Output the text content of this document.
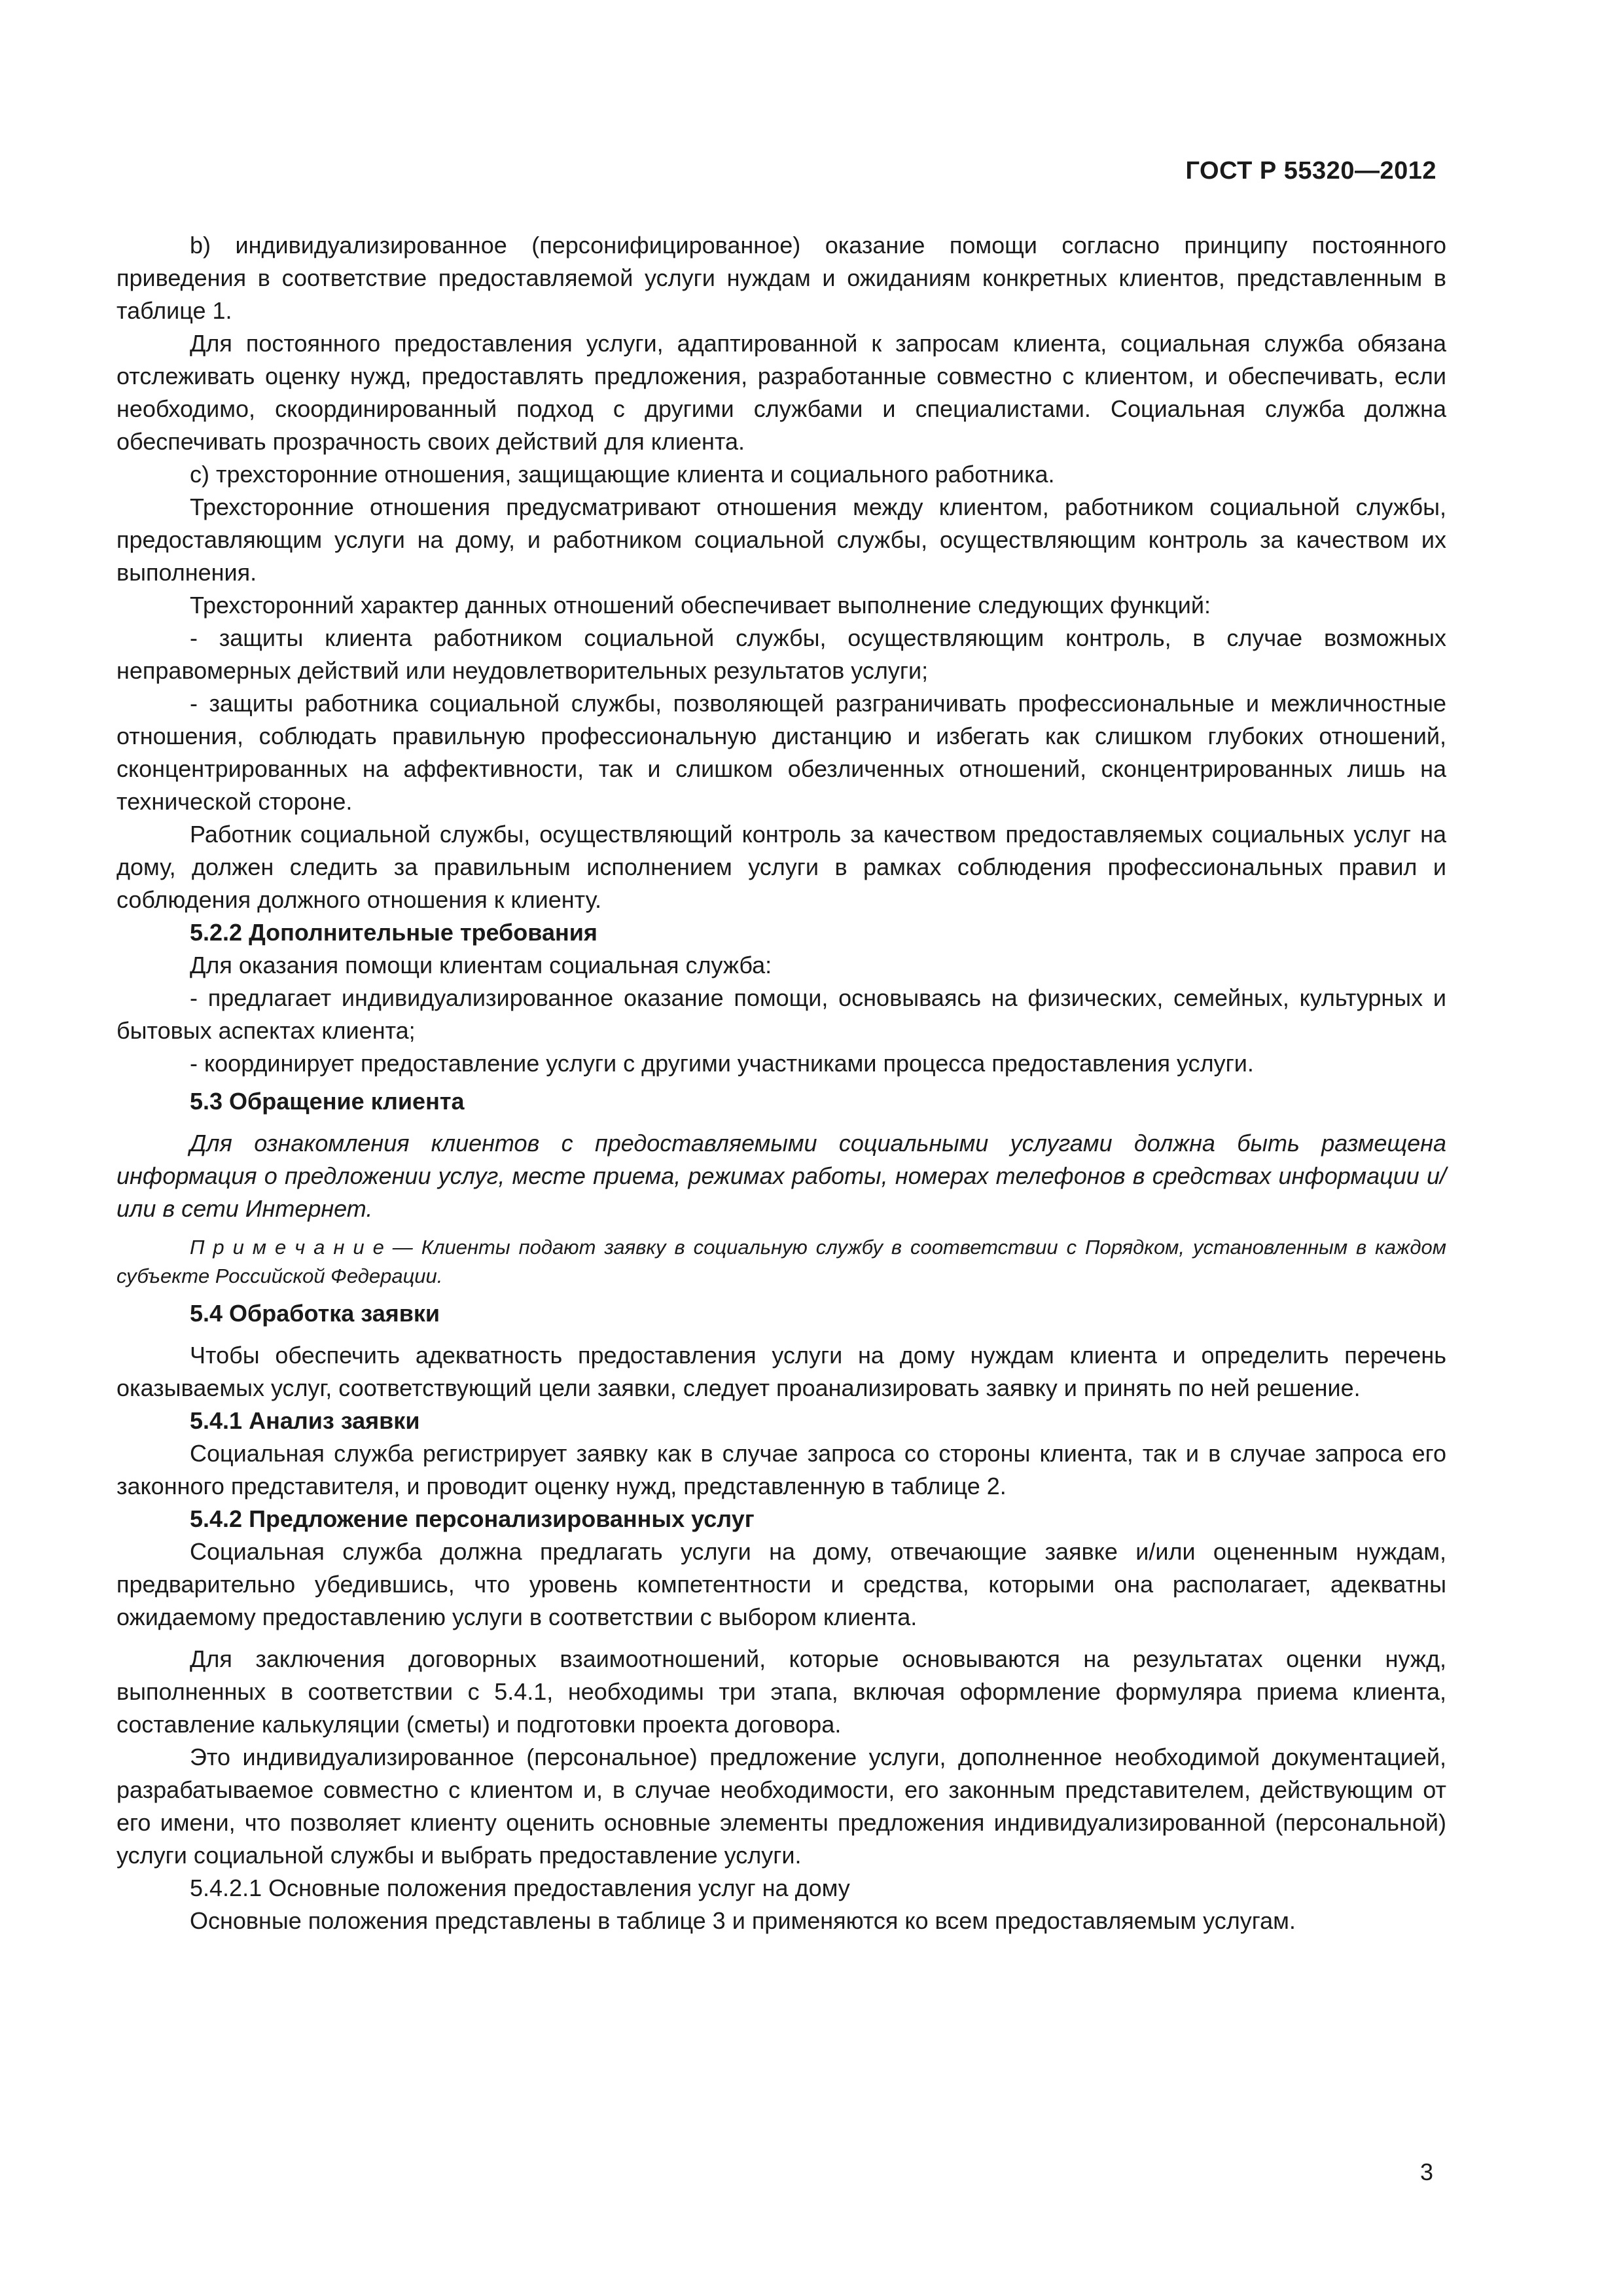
ГОСТ Р 55320—2012

b) индивидуализированное (персонифицированное) оказание помощи согласно принципу постоянного приведения в соответствие предоставляемой услуги нуждам и ожиданиям конкретных клиентов, представленным в таблице 1.

Для постоянного предоставления услуги, адаптированной к запросам клиента, социальная служба обязана отслеживать оценку нужд, предоставлять предложения, разработанные совместно с клиентом, и обеспечивать, если необходимо, скоординированный подход с другими службами и специалистами. Социальная служба должна обеспечивать прозрачность своих действий для клиента.

c) трехсторонние отношения, защищающие клиента и социального работника.

Трехсторонние отношения предусматривают отношения между клиентом, работником социальной службы, предоставляющим услуги на дому, и работником социальной службы, осуществляющим контроль за качеством их выполнения.

Трехсторонний характер данных отношений обеспечивает выполнение следующих функций:

- защиты клиента работником социальной службы, осуществляющим контроль, в случае возможных неправомерных действий или неудовлетворительных результатов услуги;

- защиты работника социальной службы, позволяющей разграничивать профессиональные и межличностные отношения, соблюдать правильную профессиональную дистанцию и избегать как слишком глубоких отношений, сконцентрированных на аффективности, так и слишком обезличенных отношений, сконцентрированных лишь на технической стороне.

Работник социальной службы, осуществляющий контроль за качеством предоставляемых социальных услуг на дому, должен следить за правильным исполнением услуги в рамках соблюдения профессиональных правил и соблюдения должного отношения к клиенту.

5.2.2 Дополнительные требования

Для оказания помощи клиентам социальная служба:

- предлагает индивидуализированное оказание помощи, основываясь на физических, семейных, культурных и бытовых аспектах клиента;

- координирует предоставление услуги с другими участниками процесса предоставления услуги.

5.3 Обращение клиента

Для ознакомления клиентов с предоставляемыми социальными услугами должна быть размещена информация о предложении услуг, месте приема, режимах работы, номерах телефонов в средствах информации и/или в сети Интернет.

П р и м е ч а н и е — Клиенты подают заявку в социальную службу в соответствии с Порядком, установленным в каждом субъекте Российской Федерации.

5.4 Обработка заявки

Чтобы обеспечить адекватность предоставления услуги на дому нуждам клиента и определить перечень оказываемых услуг, соответствующий цели заявки, следует проанализировать заявку и принять по ней решение.

5.4.1 Анализ заявки

Социальная служба регистрирует заявку как в случае запроса со стороны клиента, так и в случае запроса его законного представителя, и проводит оценку нужд, представленную в таблице 2.

5.4.2 Предложение персонализированных услуг

Социальная служба должна предлагать услуги на дому, отвечающие заявке и/или оцененным нуждам, предварительно убедившись, что уровень компетентности и средства, которыми она располагает, адекватны ожидаемому предоставлению услуги в соответствии с выбором клиента.

Для заключения договорных взаимоотношений, которые основываются на результатах оценки нужд, выполненных в соответствии с 5.4.1, необходимы три этапа, включая оформление формуляра приема клиента, составление калькуляции (сметы) и подготовки проекта договора.

Это индивидуализированное (персональное) предложение услуги, дополненное необходимой документацией, разрабатываемое совместно с клиентом и, в случае необходимости, его законным представителем, действующим от его имени, что позволяет клиенту оценить основные элементы предложения индивидуализированной (персональной) услуги социальной службы и выбрать предоставление услуги.

5.4.2.1 Основные положения предоставления услуг на дому

Основные положения представлены в таблице 3 и применяются ко всем предоставляемым услугам.

3
